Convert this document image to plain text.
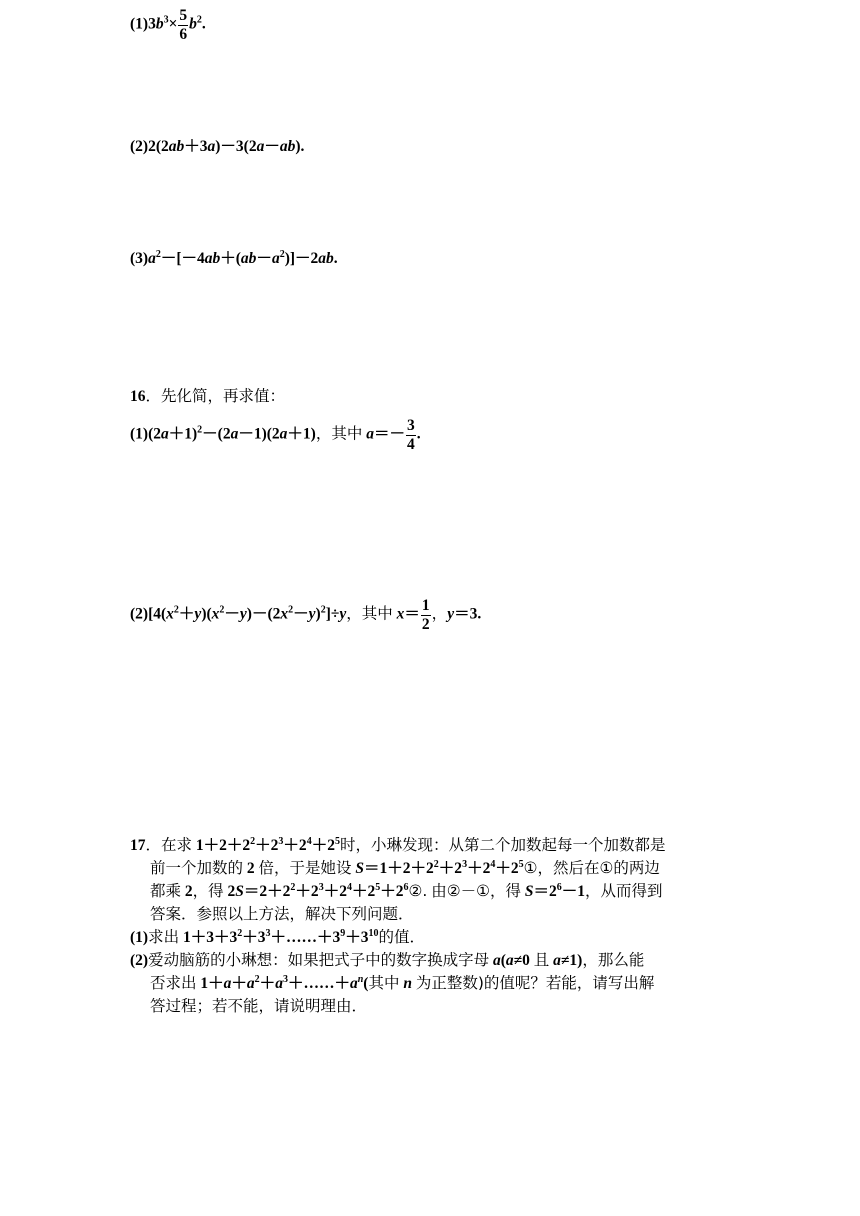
$(1)3b^3\times \frac{5}{6} b^2$.
(2)2(2ab＋3a)－3(2a－ab).
$(3)a^2-[-4ab+(ab-a^2)]-2ab$.
16．先化简，再求值：
$(1)(2a+1)^2-(2a-1)(2a+1)$，其中 $a=- \frac{3}{4}$ .
$(2)[4(x^2+y)(x^2-y)-(2x^2-y)^2]\div y$，其中 $x= \frac{1}{2}$ ，y＝3.
17．在求 $1+2+2^2+2^3+2^4+2^5$时，小琳发现：从第二个加数起每一个加数都是
前一个加数的 2 倍，于是她设 $S=1+2+2^2+2^3+2^4+2^5①$，然后在①的两边
都乘 2，得 $2S=2+2^2+2^3+2^4+2^5+2^6②$. 由②－①，得 $S=2^6-1$，从而得到
答案．参照以上方法，解决下列问题．
(1)求出 $1+3+3^2+3^3+\dots\dots+3^9+3^{10}$的值．
(2)爱动脑筋的小琳想：如果把式子中的数字换成字母 a(a≠0 且 a≠1)，那么能
否求出 $1+a+a^2+a^3+\dots\dots+a^n$(其中 n 为正整数)的值呢？若能，请写出解
答过程；若不能，请说明理由．
